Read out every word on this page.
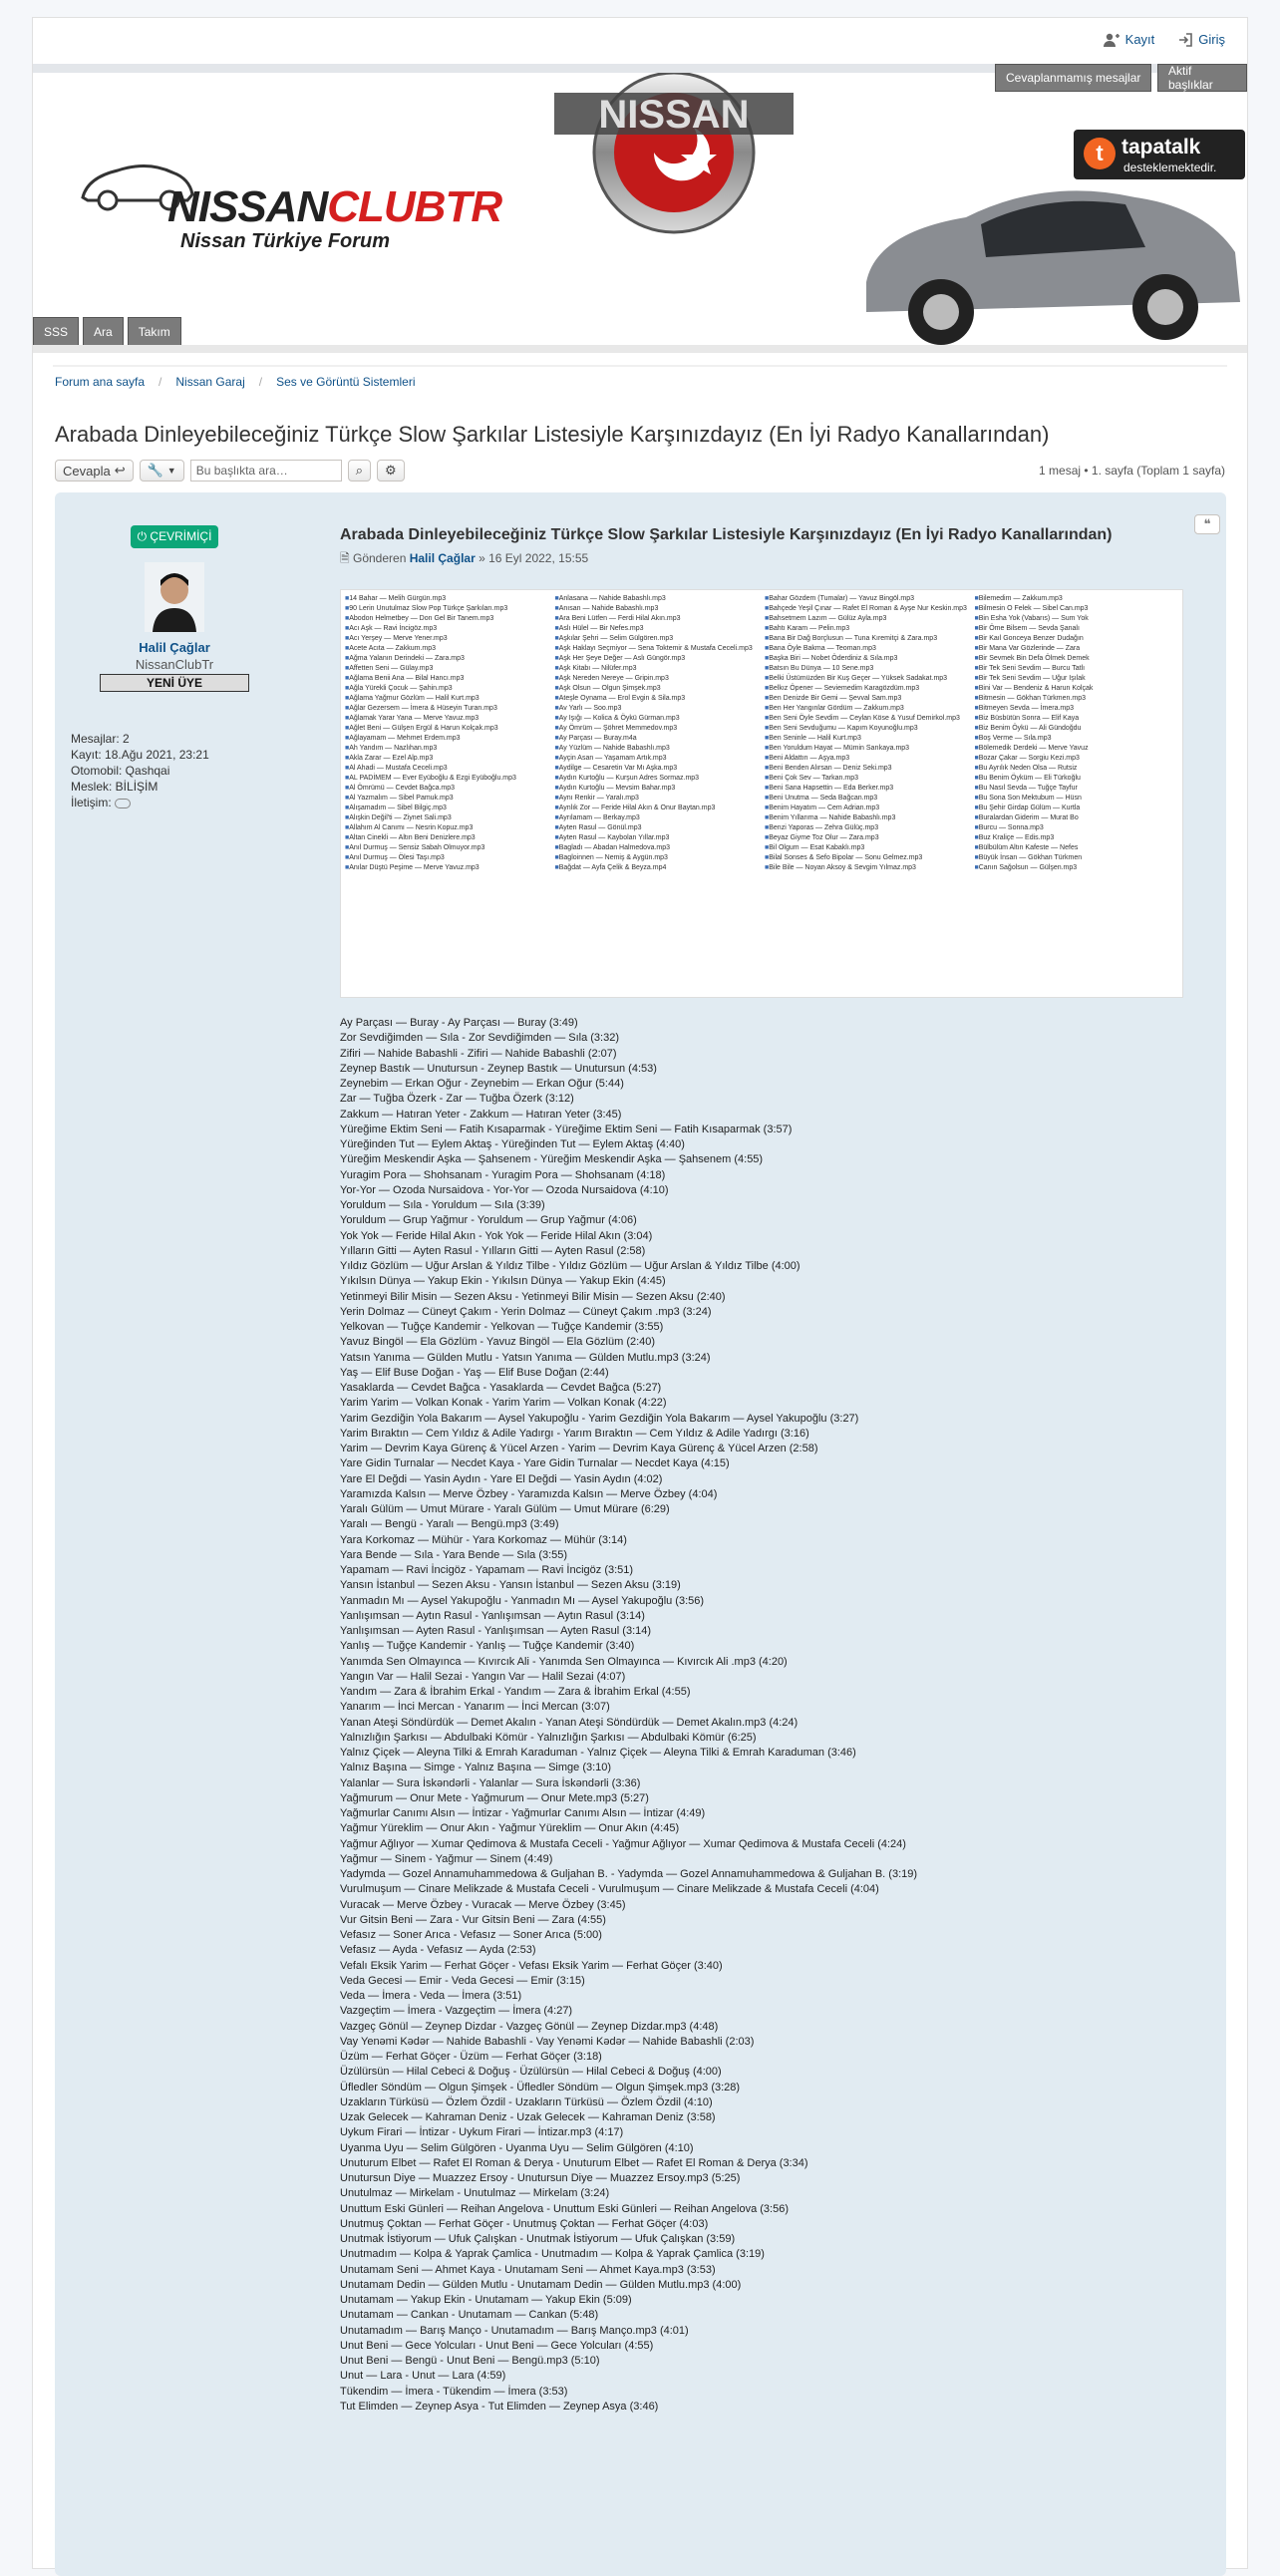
Kayıt	Giriş
Cevaplanmamış mesajlar	Aktif başlıklar
NISSANCLUBTR
Nissan Türkiye Forum
NISSAN
t tapatalk
desteklemektedir.
SSS	Ara	Takım
Forum ana sayfa / Nissan Garaj / Ses ve Görüntü Sistemleri
Arabada Dinleyebileceğiniz Türkçe Slow Şarkılar Listesiyle Karşınızdayız (En İyi Radyo Kanallarından)
Cevapla ↩ 🔧 ▼	Bu başlıkta ara…	⌕ ⚙	1 mesaj • 1. sayfa (Toplam 1 sayfa)
❝
⏻ ÇEVRİMİÇİ
Halil Çağlar
NissanClubTr
YENİ ÜYE
Mesajlar: 2
Kayıt: 18.Ağu 2021, 23:21
Otomobil: Qashqai
Meslek: BİLİŞİM
İletişim:
Arabada Dinleyebileceğiniz Türkçe Slow Şarkılar Listesiyle Karşınızdayız (En İyi Radyo Kanallarından)
🗎 Gönderen Halil Çağlar » 16 Eyl 2022, 15:55
■ 14 Bahar — Melih Gürgün.mp3
■ 90 Lerin Unutulmaz Slow Pop Türkçe Şarkıları.mp3
■ Abodon Helmetbey — Don Gel Bir Tanem.mp3
■ Acı Aşk — Ravi İncigöz.mp3
■ Acı Yerşey — Merve Yener.mp3
■ Acete Acıta — Zakkum.mp3
■ Ağma Yalanın Derindeki — Zara.mp3
■ Affetten Seni — Gülay.mp3
■ Ağlama Benii Ana — Bilal Hancı.mp3
■ Ağla Yürekli Çocuk — Şahin.mp3
■ Ağlama Yağmur Gözlüm — Halil Kurt.mp3
■ Ağlar Gezersem — İmera & Hüseyin Turan.mp3
■ Ağlamak Yarar Yana — Merve Yavuz.mp3
■ Ağlet Beni — Gülşen Ergül & Harun Kolçak.mp3
■ Ağlayamam — Mehmet Erdem.mp3
■ Ah Yandım — Nazlıhan.mp3
■ Akla Zarar — Ezel Alp.mp3
■ Al Ahadi — Mustafa Ceceli.mp3
■ AL PADİMEM — Ever Eyüboğlu & Ezgi Eyüboğlu.mp3
■ Al Ömrümü — Cevdet Bağca.mp3
■ Al Yazmalım — Sibel Pamuk.mp3
■ Alışamadım — Sibel Bilgiç.mp3
■ Alışkin Değil'ti — Ziynet Sali.mp3
■ Allahım Al Canımı — Nesrin Kopuz.mp3
■ Altan Cinekli — Altın Beni Denizlere.mp3
■ Anıl Durmuş — Sensiz Sabah Olmuyor.mp3
■ Anıl Durmuş — Ölesi Taşı.mp3
■ Anılar Düştü Peşime — Merve Yavuz.mp3
■ Anlasana — Nahide Babashlı.mp3
■ Anısan — Nahide Babashlı.mp3
■ Ara Beni Lütfen — Ferdi Hilal Akın.mp3
■ Aslı Hülel — Bir Nefes.mp3
■ Aşkılar Şehri — Selim Gülgören.mp3
■ Aşk Haklayı Seçmiyor — Sena Toktemir & Mustafa Ceceli.mp3
■ Aşk Her Şeye Değer — Aslı Güngör.mp3
■ Aşk Kitabı — Nilüfer.mp3
■ Aşk Nereden Nereye — Gripin.mp3
■ Aşk Olsun — Olgun Şimşek.mp3
■ Ateşle Oynama — Erol Evgin & Sila.mp3
■ Av Yarlı — Soo.mp3
■ Ay Işığı — Kolica & Öykü Gürman.mp3
■ Ay Ömrüm — Şöhret Memmedov.mp3
■ Ay Parçası — Buray.m4a
■ Ay Yüzlüm — Nahide Babashlı.mp3
■ Ayçin Asan — Yaşamam Artık.mp3
■ Aydilge — Cesaretin Var Mı Aşka.mp3
■ Aydın Kurtoğlu — Kurşun Adres Sormaz.mp3
■ Aydın Kurtoğlu — Mevsim Bahar.mp3
■ Aynı Renkir — Yaralı.mp3
■ Aynlık Zor — Feride Hilal Akın & Onur Baytan.mp3
■ Ayrılamam — Berkay.mp3
■ Ayten Rasul — Gönül.mp3
■ Ayten Rasul — Kaybolan Yıllar.mp3
■ Bagladı — Abadan Halmedova.mp3
■ Bagloinnen — Nemiş & Aygün.mp3
■ Bağdat — Ayfa Çelik & Beyza.mp4
■ Bahar Gözdem (Tumalar) — Yavuz Bingöl.mp3
■ Bahçede Yeşil Çınar — Rafet El Roman & Ayşe Nur Keskin.mp3
■ Bahsetmem Lazım — Gülüz Ayla.mp3
■ Bahtı Karam — Pelin.mp3
■ Bana Bir Dağ Borçlusun — Tuna Kıremitçi & Zara.mp3
■ Bana Öyle Bakma — Teoman.mp3
■ Başka Biri — Nobet Öderdiniz & Sıla.mp3
■ Batsın Bu Dünya — 10 Sene.mp3
■ Belki Üstümüzden Bir Kuş Geçer — Yüksek Sadakat.mp3
■ Belkız Öpener — Seviemedim Karagözdüm.mp3
■ Ben Denizde Bir Gemi — Şevval Sam.mp3
■ Ben Her Yangınlar Gördüm — Zakkum.mp3
■ Ben Seni Öyle Sevdim — Ceylan Köse & Yusuf Demirkol.mp3
■ Ben Seni Sevduğumu — Kapım Koyunoğlu.mp3
■ Ben Seninle — Halil Kurt.mp3
■ Ben Yoruldum Hayat — Mümin Sarıkaya.mp3
■ Beni Aldattın — Aşya.mp3
■ Beni Benden Alırsan — Deniz Seki.mp3
■ Beni Çok Sev — Tarkan.mp3
■ Beni Sana Hapsettin — Eda Berker.mp3
■ Beni Unutma — Seda Bağcan.mp3
■ Benim Hayatım — Cem Adrian.mp3
■ Benim Yıllarıma — Nahide Babashlı.mp3
■ Benzi Yaporas — Zehra Gülüç.mp3
■ Beyaz Giyme Toz Olur — Zara.mp3
■ Bil Olgum — Esat Kabaklı.mp3
■ Bilal Sonses & Sefo Bipolar — Sonu Gelmez.mp3
■ Bile Bile — Noyan Aksoy & Sevgim Yılmaz.mp3
■ Bilemedim — Zakkum.mp3
■ Bilmesin O Felek — Sibel Can.mp3
■ Bin Esha Yok (Vabarıs) — Sum Yok
■ Bir Öme Bilsem — Sevda Şanalı
■ Bir Kaıl Gonceya Benzer Dudağın
■ Bir Mana Var Gözlerinde — Zara
■ Bir Sevmek Bin Defa Ölmek Demek
■ Bir Tek Seni Sevdim — Burcu Tatlı
■ Bir Tek Seni Sevdim — Uğur Işılak
■ Bini Var — Bendeniz & Harun Kolçak
■ Bitmesin — Gökhan Türkmen.mp3
■ Bitmeyen Sevda — İmera.mp3
■ Biz Büsbütün Sonra — Elif Kaya
■ Biz Benim Öykü — Ali Gündoğdu
■ Boş Verme — Sıla.mp3
■ Bölemedik Derdeki — Merve Yavuz
■ Bozar Çakar — Sorgiu Kezi.mp3
■ Bu Ayrılık Neden Olsa — Rutsiz
■ Bu Benim Öyküm — Eli Türkoğlu
■ Bu Nasıl Sevda — Tuğçe Tayfur
■ Bu Sona Son Mektubum — Hüsn
■ Bu Şehir Girdap Gülüm — Kurtla
■ Buralardan Giderim — Murat Bo
■ Burcu — Sonna.mp3
■ Buz Kraliçe — Edis.mp3
■ Bülbülüm Altın Kafeste — Nefes
■ Büyük İnsan — Gökhan Türkmen
■ Canın Sağolsun — Gülşen.mp3
Ay Parçası — Buray - Ay Parçası — Buray (3:49)
Zor Sevdiğimden — Sıla - Zor Sevdiğimden — Sıla (3:32)
Zifiri — Nahide Babashli - Zifiri — Nahide Babashli (2:07)
Zeynep Bastık — Unutursun - Zeynep Bastık — Unutursun (4:53)
Zeynebim — Erkan Oğur - Zeynebim — Erkan Oğur (5:44)
Zar — Tuğba Özerk - Zar — Tuğba Özerk (3:12)
Zakkum — Hatıran Yeter - Zakkum — Hatıran Yeter (3:45)
Yüreğime Ektim Seni — Fatih Kısaparmak - Yüreğime Ektim Seni — Fatih Kısaparmak (3:57)
Yüreğinden Tut — Eylem Aktaş - Yüreğinden Tut — Eylem Aktaş (4:40)
Yüreğim Meskendir Aşka — Şahsenem - Yüreğim Meskendir Aşka — Şahsenem (4:55)
Yuragim Pora — Shohsanam - Yuragim Pora — Shohsanam (4:18)
Yor-Yor — Ozoda Nursaidova - Yor-Yor — Ozoda Nursaidova (4:10)
Yoruldum — Sıla - Yoruldum — Sıla (3:39)
Yoruldum — Grup Yağmur - Yoruldum — Grup Yağmur (4:06)
Yok Yok — Feride Hilal Akın - Yok Yok — Feride Hilal Akın (3:04)
Yılların Gitti — Ayten Rasul - Yılların Gitti — Ayten Rasul (2:58)
Yıldız Gözlüm — Uğur Arslan & Yıldız Tilbe - Yıldız Gözlüm — Uğur Arslan & Yıldız Tilbe (4:00)
Yıkılsın Dünya — Yakup Ekin - Yıkılsın Dünya — Yakup Ekin (4:45)
Yetinmeyi Bilir Misin — Sezen Aksu - Yetinmeyi Bilir Misin — Sezen Aksu (2:40)
Yerin Dolmaz — Cüneyt Çakım - Yerin Dolmaz — Cüneyt Çakım .mp3 (3:24)
Yelkovan — Tuğçe Kandemir - Yelkovan — Tuğçe Kandemir (3:55)
Yavuz Bingöl — Ela Gözlüm - Yavuz Bingöl — Ela Gözlüm (2:40)
Yatsın Yanıma — Gülden Mutlu - Yatsın Yanıma — Gülden Mutlu.mp3 (3:24)
Yaş — Elif Buse Doğan - Yaş — Elif Buse Doğan (2:44)
Yasaklarda — Cevdet Bağca - Yasaklarda — Cevdet Bağca (5:27)
Yarim Yarim — Volkan Konak - Yarim Yarim — Volkan Konak (4:22)
Yarim Gezdiğin Yola Bakarım — Aysel Yakupoğlu - Yarim Gezdiğin Yola Bakarım — Aysel Yakupoğlu (3:27)
Yarim Bıraktın — Cem Yıldız & Adile Yadırgı - Yarım Bıraktın — Cem Yıldız & Adile Yadırgı (3:16)
Yarim — Devrim Kaya Gürenç & Yücel Arzen - Yarim — Devrim Kaya Gürenç & Yücel Arzen (2:58)
Yare Gidin Turnalar — Necdet Kaya - Yare Gidin Turnalar — Necdet Kaya (4:15)
Yare El Değdi — Yasin Aydın - Yare El Değdi — Yasin Aydın (4:02)
Yaramızda Kalsın — Merve Özbey - Yaramızda Kalsın — Merve Özbey (4:04)
Yaralı Gülüm — Umut Mürare - Yaralı Gülüm — Umut Mürare (6:29)
Yaralı — Bengü - Yaralı — Bengü.mp3 (3:49)
Yara Korkomaz — Mühür - Yara Korkomaz — Mühür (3:14)
Yara Bende — Sıla - Yara Bende — Sıla (3:55)
Yapamam — Ravi İncigöz - Yapamam — Ravi İncigöz (3:51)
Yansın İstanbul — Sezen Aksu - Yansın İstanbul — Sezen Aksu (3:19)
Yanmadın Mı — Aysel Yakupoğlu - Yanmadın Mı — Aysel Yakupoğlu (3:56)
Yanlışımsan — Aytın Rasul - Yanlışımsan — Aytın Rasul (3:14)
Yanlışımsan — Ayten Rasul - Yanlışımsan — Ayten Rasul (3:14)
Yanlış — Tuğçe Kandemir - Yanlış — Tuğçe Kandemir (3:40)
Yanımda Sen Olmayınca — Kıvırcık Ali - Yanımda Sen Olmayınca — Kıvırcık Ali .mp3 (4:20)
Yangın Var — Halil Sezai - Yangın Var — Halil Sezai (4:07)
Yandım — Zara & İbrahim Erkal - Yandım — Zara & İbrahim Erkal (4:55)
Yanarım — İnci Mercan - Yanarım — İnci Mercan (3:07)
Yanan Ateşi Söndürdük — Demet Akalın - Yanan Ateşi Söndürdük — Demet Akalın.mp3 (4:24)
Yalnızlığın Şarkısı — Abdulbaki Kömür - Yalnızlığın Şarkısı — Abdulbaki Kömür (6:25)
Yalnız Çiçek — Aleyna Tilki & Emrah Karaduman - Yalnız Çiçek — Aleyna Tilki & Emrah Karaduman (3:46)
Yalnız Başına — Simge - Yalnız Başına — Simge (3:10)
Yalanlar — Sura İskəndərli - Yalanlar — Sura İskəndərli (3:36)
Yağmurum — Onur Mete - Yağmurum — Onur Mete.mp3 (5:27)
Yağmurlar Canımı Alsın — İntizar - Yağmurlar Canımı Alsın — İntizar (4:49)
Yağmur Yüreklim — Onur Akın - Yağmur Yüreklim — Onur Akın (4:45)
Yağmur Ağlıyor — Xumar Qedimova & Mustafa Ceceli - Yağmur Ağlıyor — Xumar Qedimova & Mustafa Ceceli (4:24)
Yağmur — Sinem - Yağmur — Sinem (4:49)
Yadymda — Gozel Annamuhammedowa & Guljahan B. - Yadymda — Gozel Annamuhammedowa & Guljahan B. (3:19)
Vurulmuşum — Cinare Melikzade & Mustafa Ceceli - Vurulmuşum — Cinare Melikzade & Mustafa Ceceli (4:04)
Vuracak — Merve Özbey - Vuracak — Merve Özbey (3:45)
Vur Gitsin Beni — Zara - Vur Gitsin Beni — Zara (4:55)
Vefasız — Soner Arıca - Vefasız — Soner Arıca (5:00)
Vefasız — Ayda - Vefasız — Ayda (2:53)
Vefalı Eksik Yarim — Ferhat Göçer - Vefası Eksik Yarim — Ferhat Göçer (3:40)
Veda Gecesi — Emir - Veda Gecesi — Emir (3:15)
Veda — İmera - Veda — İmera (3:51)
Vazgeçtim — İmera - Vazgeçtim — İmera (4:27)
Vazgeç Gönül — Zeynep Dizdar - Vazgeç Gönül — Zeynep Dizdar.mp3 (4:48)
Vay Yenəmi Kədər — Nahide Babashli - Vay Yenəmi Kədər — Nahide Babashli (2:03)
Üzüm — Ferhat Göçer - Üzüm — Ferhat Göçer (3:18)
Üzülürsün — Hilal Cebeci & Doğuş - Üzülürsün — Hilal Cebeci & Doğuş (4:00)
Üfledler Söndüm — Olgun Şimşek - Üfledler Söndüm — Olgun Şimşek.mp3 (3:28)
Uzakların Türküsü — Özlem Özdil - Uzakların Türküsü — Özlem Özdil (4:10)
Uzak Gelecek — Kahraman Deniz - Uzak Gelecek — Kahraman Deniz (3:58)
Uykum Firari — İntizar - Uykum Firari — İntizar.mp3 (4:17)
Uyanma Uyu — Selim Gülgören - Uyanma Uyu — Selim Gülgören (4:10)
Unuturum Elbet — Rafet El Roman & Derya - Unuturum Elbet — Rafet El Roman & Derya (3:34)
Unutursun Diye — Muazzez Ersoy - Unutursun Diye — Muazzez Ersoy.mp3 (5:25)
Unutulmaz — Mirkelam - Unutulmaz — Mirkelam (3:24)
Unuttum Eski Günleri — Reihan Angelova - Unuttum Eski Günleri — Reihan Angelova (3:56)
Unutmuş Çoktan — Ferhat Göçer - Unutmuş Çoktan — Ferhat Göçer (4:03)
Unutmak İstiyorum — Ufuk Çalışkan - Unutmak İstiyorum — Ufuk Çalışkan (3:59)
Unutmadım — Kolpa & Yaprak Çamlica - Unutmadım — Kolpa & Yaprak Çamlica (3:19)
Unutamam Seni — Ahmet Kaya - Unutamam Seni — Ahmet Kaya.mp3 (3:53)
Unutamam Dedin — Gülden Mutlu - Unutamam Dedin — Gülden Mutlu.mp3 (4:00)
Unutamam — Yakup Ekin - Unutamam — Yakup Ekin (5:09)
Unutamam — Cankan - Unutamam — Cankan (5:48)
Unutamadım — Barış Manço - Unutamadım — Barış Manço.mp3 (4:01)
Unut Beni — Gece Yolcuları - Unut Beni — Gece Yolcuları (4:55)
Unut Beni — Bengü - Unut Beni — Bengü.mp3 (5:10)
Unut — Lara - Unut — Lara (4:59)
Tükendim — İmera - Tükendim — İmera (3:53)
Tut Elimden — Zeynep Asya - Tut Elimden — Zeynep Asya (3:46)
